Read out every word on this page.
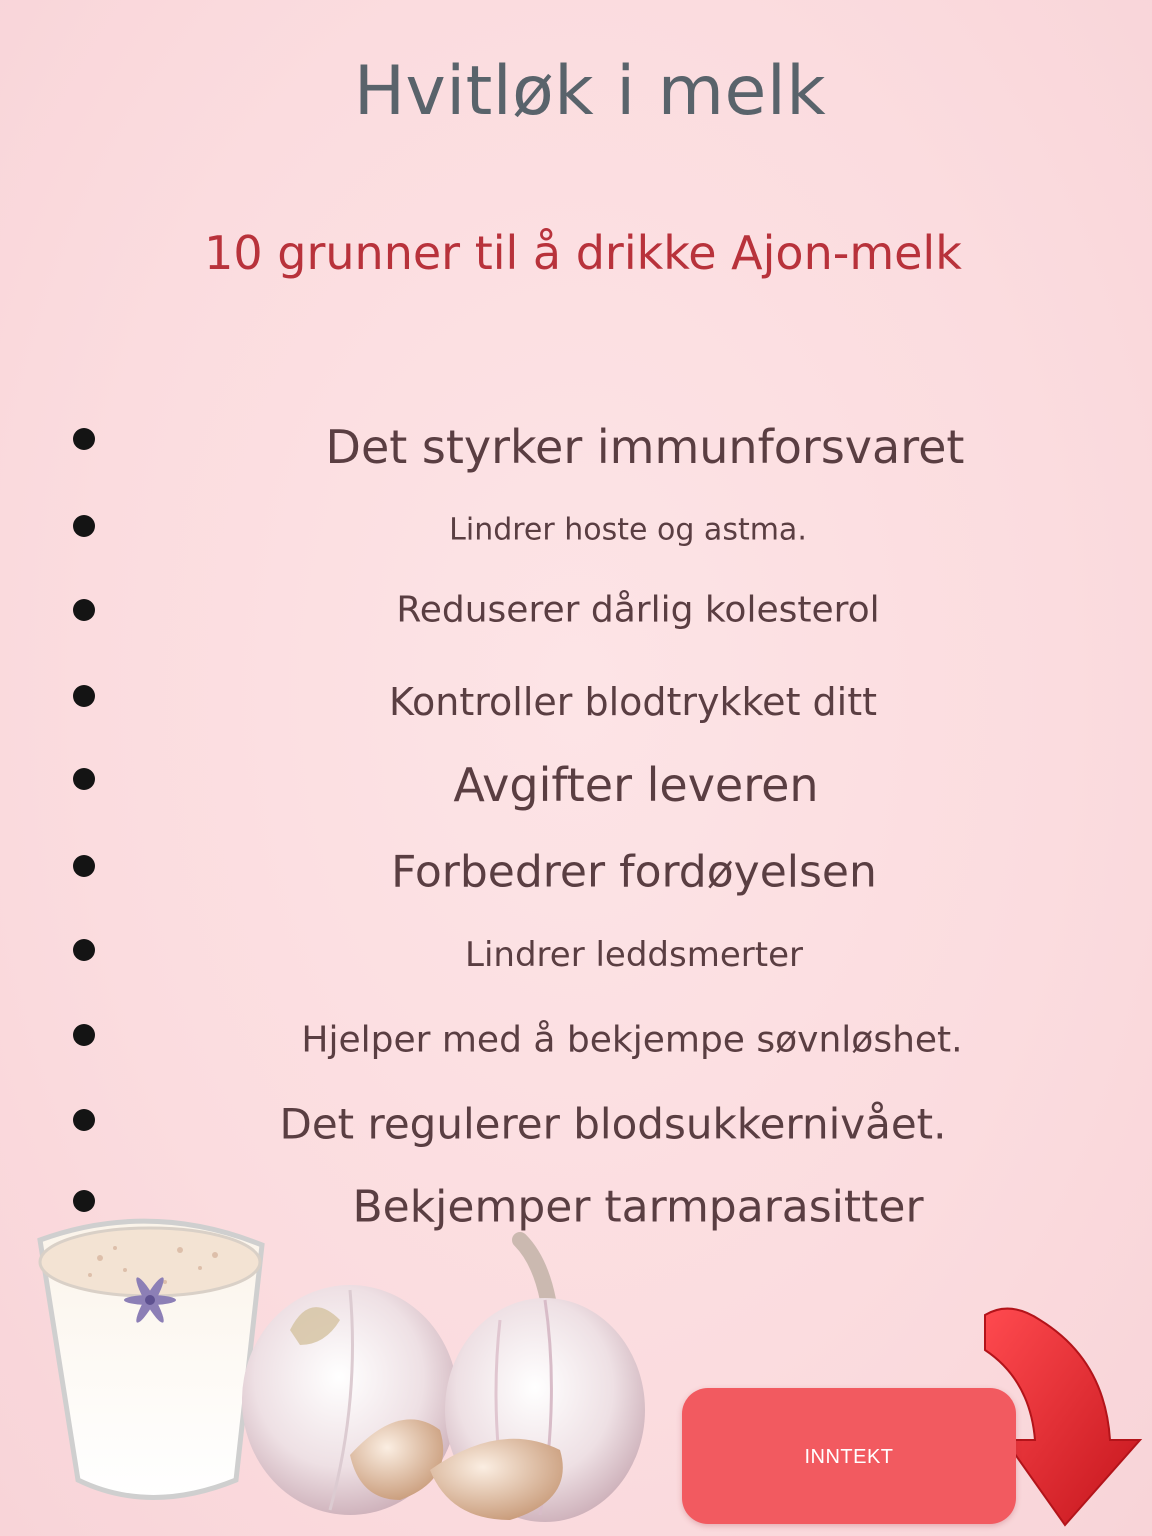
Hvitløk i melk
10 grunner til å drikke Ajon-melk
Det styrker immunforsvaret
Lindrer hoste og astma.
Reduserer dårlig kolesterol
Kontroller blodtrykket ditt
Avgifter leveren
Forbedrer fordøyelsen
Lindrer leddsmerter
Hjelper med å bekjempe søvnløshet.
Det regulerer blodsukkernivået.
Bekjemper tarmparasitter
INNTEKT
